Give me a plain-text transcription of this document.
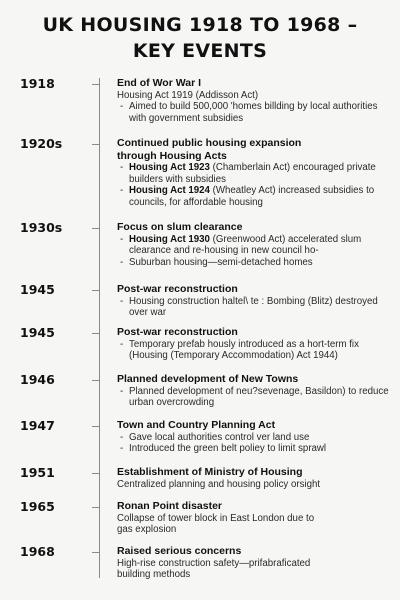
UK HOUSING 1918 TO 1968 –
KEY EVENTS
1918	End of Wor War I
Housing Act 1919 (Addisson Act)
- Aimed to build 500,000 'homes billding by local authorities with government subsidies
1920s	Continued public housing expansion
through Housing Acts
- Housing Act 1923 (Chamberlain Act) encouraged private builders with subsidies
- Housing Act 1924 (Wheatley Act) increased subsidies to councils, for affordable housing
1930s	Focus on slum clearance
- Housing Act 1930 (Greenwood Act) accelerated slum clearance and re-housing in new council ho-
- Suburban housing—semi-detached homes
1945	Post-war reconstruction
- Housing construction haltel\ te : Bombing (Blitz) destroyed over war
1945	Post-war reconstruction
- Temporary prefab hously introduced as a hort-term fix (Housing (Temporary Accommodation) Act 1944)
1946	Planned development of New Towns
- Planned development of neu?sevenage, Basildon) to reduce urban overcrowding
1947	Town and Country Planning Act
- Gave local authorities control ver land use
- Introduced the green belt poliey to limit sprawl
1951	Establishment of Ministry of Housing
Centralized planning and housing policy orsight
1965	Ronan Point disaster
Collapse of tower block in East London due to
gas explosion
1968	Raised serious concerns
High-rise construction safety—prifabraficated
building methods
